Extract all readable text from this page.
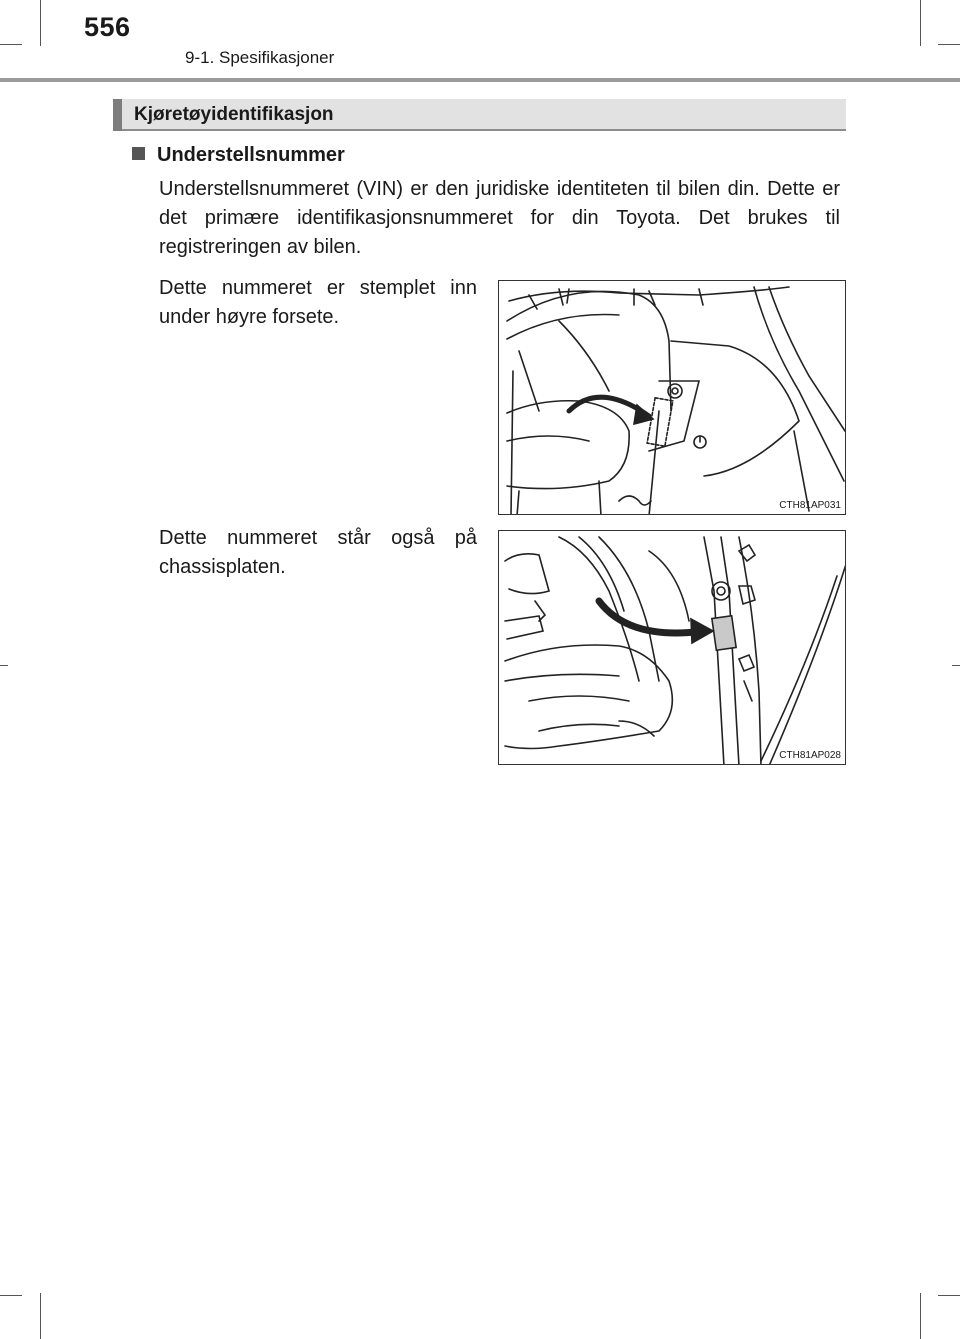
556
9-1. Spesifikasjoner
Kjøretøyidentifikasjon
Understellsnummer
Understellsnummeret (VIN) er den juridiske identiteten til bilen din. Dette er det primære identifikasjonsnummeret for din Toyota. Det brukes til registreringen av bilen.
Dette nummeret er stemplet inn under høyre forsete.
CTH81AP031
Dette nummeret står også på chassisplaten.
CTH81AP028
